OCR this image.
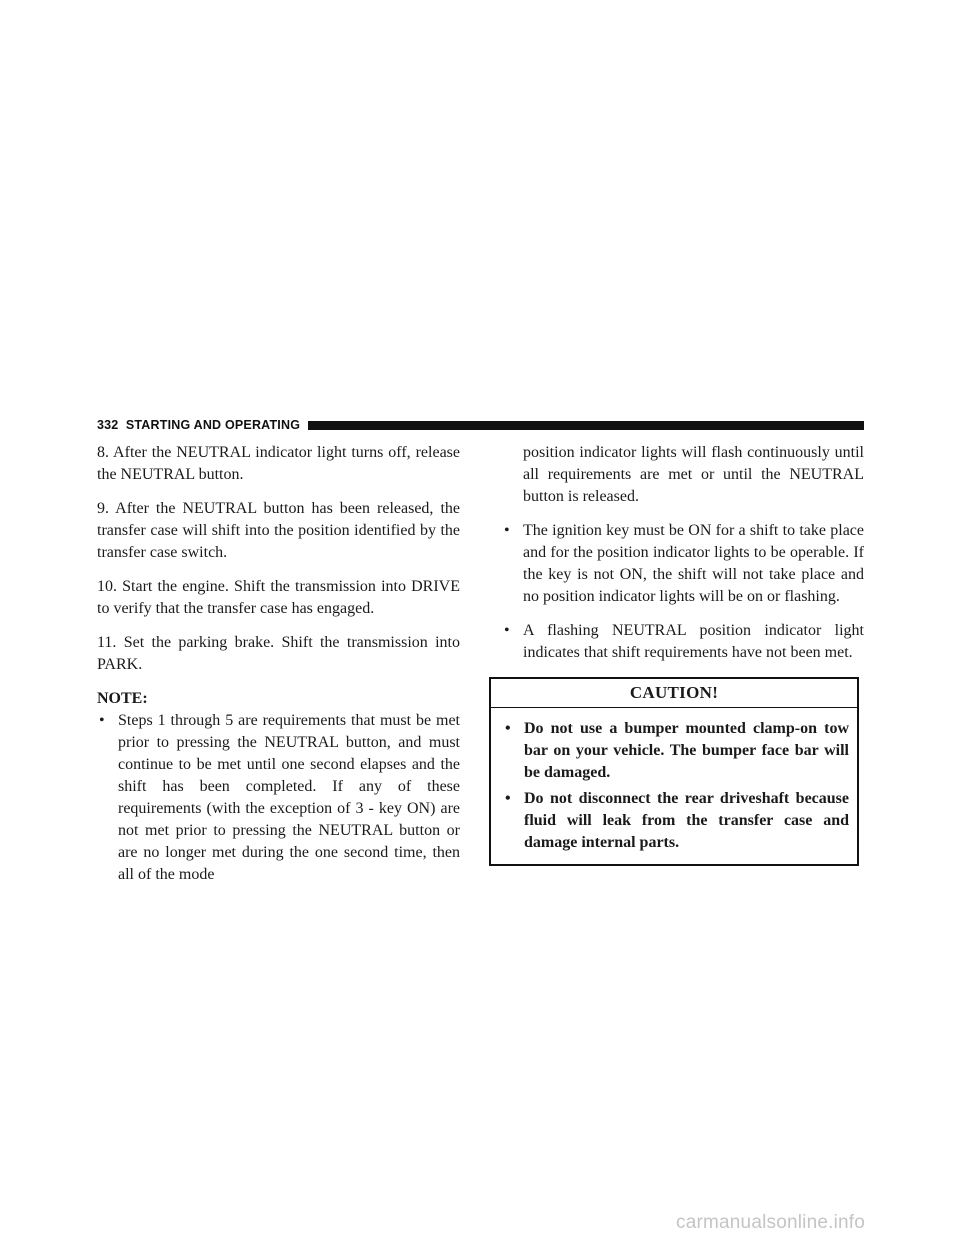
332 STARTING AND OPERATING

8. After the NEUTRAL indicator light turns off, release the NEUTRAL button.

9. After the NEUTRAL button has been released, the transfer case will shift into the position identified by the transfer case switch.

10. Start the engine. Shift the transmission into DRIVE to verify that the transfer case has engaged.

11. Set the parking brake. Shift the transmission into PARK.

NOTE:

• Steps 1 through 5 are requirements that must be met prior to pressing the NEUTRAL button, and must continue to be met until one second elapses and the shift has been completed. If any of these requirements (with the exception of 3 - key ON) are not met prior to pressing the NEUTRAL button or are no longer met during the one second time, then all of the mode

position indicator lights will flash continuously until all requirements are met or until the NEUTRAL button is released.

• The ignition key must be ON for a shift to take place and for the position indicator lights to be operable. If the key is not ON, the shift will not take place and no position indicator lights will be on or flashing.
• A flashing NEUTRAL position indicator light indicates that shift requirements have not been met.
CAUTION!
• Do not use a bumper mounted clamp-on tow bar on your vehicle. The bumper face bar will be damaged.
• Do not disconnect the rear driveshaft because fluid will leak from the transfer case and damage internal parts.
carmanualsonline.info
